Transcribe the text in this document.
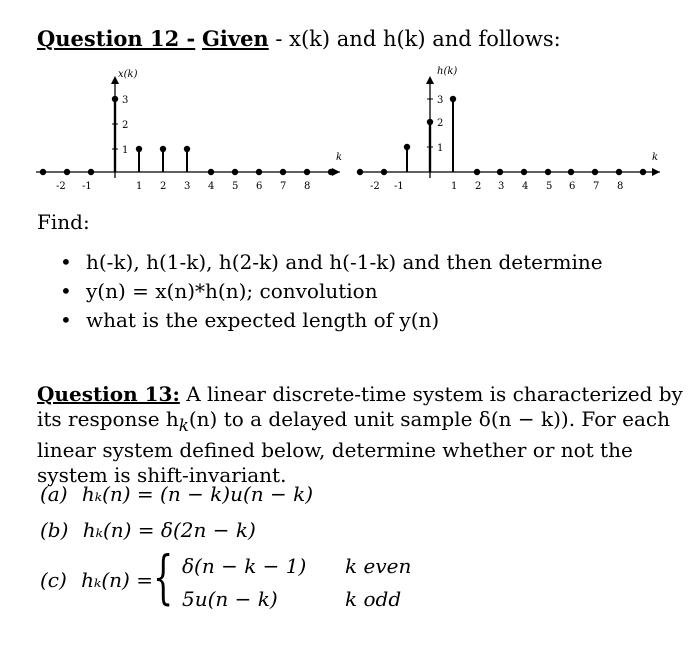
Question 12 - Given - x(k) and h(k) and follows:
x(k)
k
1
2
3
-2 -1	1 2 3 4 5 6 7 8
h(k)
k
1
2
3
-2 -1	1 2 3 4 5 6 7 8
Find:
• h(-k), h(1-k), h(2-k) and h(-1-k) and then determine
• y(n) = x(n)*h(n); convolution
• what is the expected length of y(n)
Question 13: A linear discrete-time system is characterized by its response $h_k(n)$ to a delayed unit sample δ(n − k)). For each linear system defined below, determine whether or not the system is shift-invariant.
(a) hₖ(n) = (n − k)u(n − k)
(b) hₖ(n) = δ(2n − k)
(c) hₖ(n) = { δ(n − k − 1) k even
5u(n − k)	k odd
